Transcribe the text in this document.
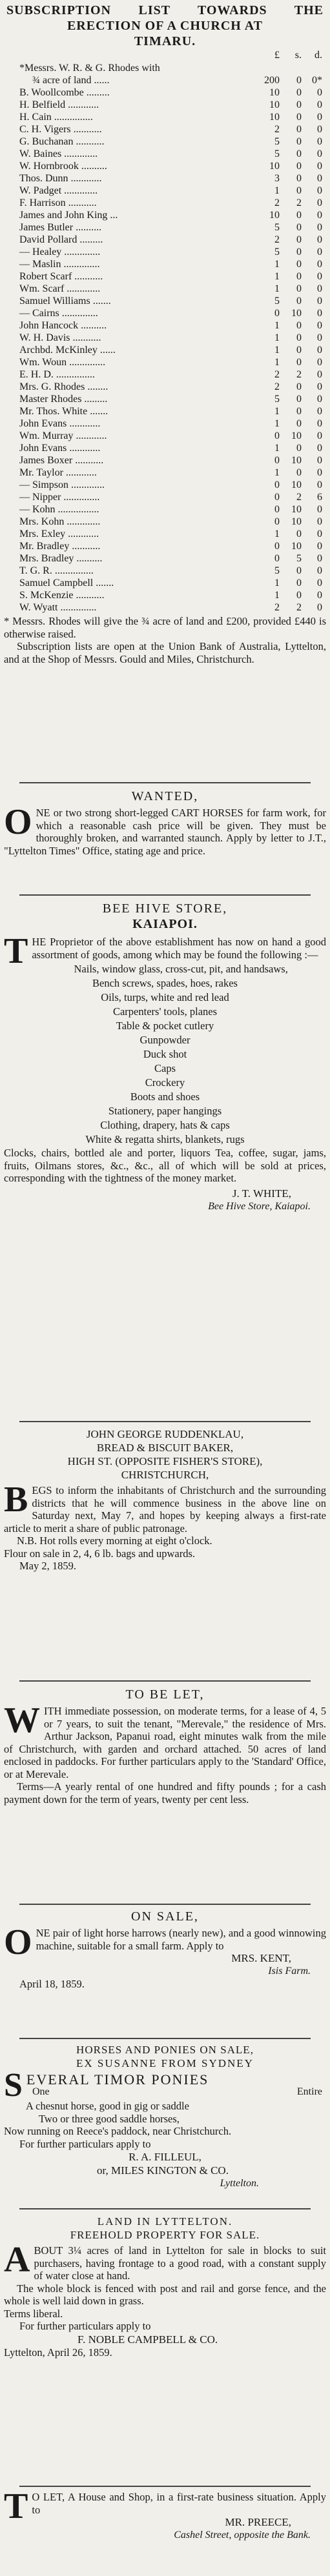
SUBSCRIPTION LIST TOWARDS THE
ERECTION OF A CHURCH AT
TIMARU.
£	s.	d.
*Messrs. W. R. & G. Rhodes with
¾ acre of land ......	200	0	0*
B. Woollcombe .........	10	0	0
H. Belfield ............	10	0	0
H. Cain ...............	10	0	0
C. H. Vigers ...........	2	0	0
G. Buchanan ...........	5	0	0
W. Baines .............	5	0	0
W. Hornbrook ..........	10	0	0
Thos. Dunn ............	3	0	0
W. Padget .............	1	0	0
F. Harrison ...........	2	2	0
James and John King ...	10	0	0
James Butler ..........	5	0	0
David Pollard .........	2	0	0
— Healey ..............	5	0	0
— Maslin ..............	1	0	0
Robert Scarf ...........	1	0	0
Wm. Scarf .............	1	0	0
Samuel Williams .......	5	0	0
— Cairns ..............	0	10	0
John Hancock ..........	1	0	0
W. H. Davis ...........	1	0	0
Archbd. McKinley ......	1	0	0
Wm. Woun ..............	1	0	0
E. H. D. ...............	2	2	0
Mrs. G. Rhodes ........	2	0	0
Master Rhodes .........	5	0	0
Mr. Thos. White .......	1	0	0
John Evans ............	1	0	0
Wm. Murray ............	0	10	0
John Evans ............	1	0	0
James Boxer ...........	0	10	0
Mr. Taylor ............	1	0	0
— Simpson .............	0	10	0
— Nipper ..............	0	2	6
— Kohn ................	0	10	0
Mrs. Kohn .............	0	10	0
Mrs. Exley ............	1	0	0
Mr. Bradley ...........	0	10	0
Mrs. Bradley ..........	0	5	0
T. G. R. ...............	5	0	0
Samuel Campbell .......	1	0	0
S. McKenzie ...........	1	0	0
W. Wyatt ..............	2	2	0
* Messrs. Rhodes will give the ¾ acre of land and £200, provided £440 is otherwise raised.
Subscription lists are open at the Union Bank of Australia, Lyttelton, and at the Shop of Messrs. Gould and Miles, Christchurch.
WANTED,
ONE or two strong short-legged CART HORSES for farm work, for which a reasonable cash price will be given. They must be thoroughly broken, and warranted staunch. Apply by letter to J.T., "Lyttelton Times" Office, stating age and price.
BEE HIVE STORE,
KAIAPOI.
THE Proprietor of the above establishment has now on hand a good assortment of goods, among which may be found the following :—
Nails, window glass, cross-cut, pit, and handsaws,
Bench screws, spades, hoes, rakes
Oils, turps, white and red lead
Carpenters' tools, planes
Table & pocket cutlery
Gunpowder
Duck shot
Caps
Crockery
Boots and shoes
Stationery, paper hangings
Clothing, drapery, hats & caps
White & regatta shirts, blankets, rugs
Clocks, chairs, bottled ale and porter, liquors Tea, coffee, sugar, jams, fruits, Oilmans stores, &c., &c., all of which will be sold at prices, corresponding with the tightness of the money market.
J. T. WHITE,
Bee Hive Store, Kaiapoi.
JOHN GEORGE RUDDENKLAU,
BREAD & BISCUIT BAKER,
HIGH ST. (OPPOSITE FISHER'S STORE),
CHRISTCHURCH,
BEGS to inform the inhabitants of Christchurch and the surrounding districts that he will commence business in the above line on Saturday next, May 7, and hopes by keeping always a first-rate article to merit a share of public patronage.
N.B. Hot rolls every morning at eight o'clock.
Flour on sale in 2, 4, 6 lb. bags and upwards.
May 2, 1859.
TO BE LET,
WITH immediate possession, on moderate terms, for a lease of 4, 5 or 7 years, to suit the tenant, "Merevale," the residence of Mrs. Arthur Jackson, Papanui road, eight minutes walk from the mile of Christchurch, with garden and orchard attached. 50 acres of land enclosed in paddocks. For further particulars apply to the 'Standard' Office, or at Merevale.
Terms—A yearly rental of one hundred and fifty pounds ; for a cash payment down for the term of years, twenty per cent less.
ON SALE,
ONE pair of light horse harrows (nearly new), and a good winnowing machine, suitable for a small farm. Apply to
MRS. KENT,
Isis Farm.
April 18, 1859.
HORSES AND PONIES ON SALE,
EX SUSANNE FROM SYDNEY
S EVERAL TIMOR PONIES
One	Entire
A chesnut horse, good in gig or saddle
Two or three good saddle horses,
Now running on Reece's paddock, near Christchurch.
For further particulars apply to
R. A. FILLEUL,
or, MILES KINGTON & CO.
Lyttelton.
LAND IN LYTTELTON.
FREEHOLD PROPERTY FOR SALE.
ABOUT 3¼ acres of land in Lyttelton for sale in blocks to suit purchasers, having frontage to a good road, with a constant supply of water close at hand.
The whole block is fenced with post and rail and gorse fence, and the whole is well laid down in grass.
Terms liberal.
For further particulars apply to
F. NOBLE CAMPBELL & CO.
Lyttelton, April 26, 1859.
T O LET, A House and Shop, in a first-rate business situation. Apply to
MR. PREECE,
Cashel Street, opposite the Bank.
